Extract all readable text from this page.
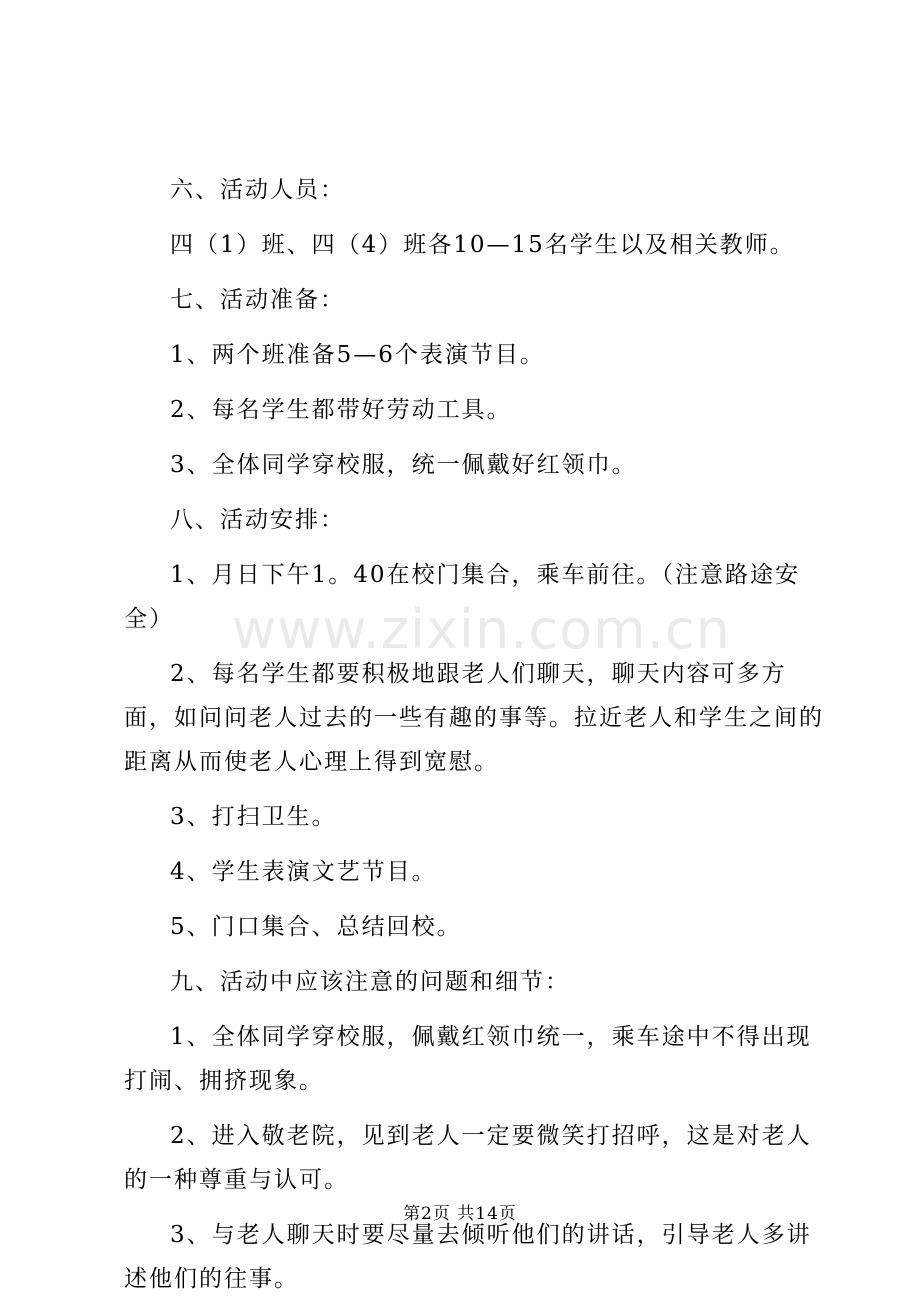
www.zixin.com.cn

六、活动人员：

四（1）班、四（4）班各10—15名学生以及相关教师。

七、活动准备：

1、两个班准备5—6个表演节目。

2、每名学生都带好劳动工具。

3、全体同学穿校服，统一佩戴好红领巾。

八、活动安排：

1、月日下午1。40在校门集合，乘车前往。（注意路途安全）

2、每名学生都要积极地跟老人们聊天，聊天内容可多方面，如问问老人过去的一些有趣的事等。拉近老人和学生之间的距离从而使老人心理上得到宽慰。

3、打扫卫生。

4、学生表演文艺节目。

5、门口集合、总结回校。

九、活动中应该注意的问题和细节：

1、全体同学穿校服，佩戴红领巾统一，乘车途中不得出现打闹、拥挤现象。

2、进入敬老院，见到老人一定要微笑打招呼，这是对老人的一种尊重与认可。

3、与老人聊天时要尽量去倾听他们的讲话，引导老人多讲述他们的往事。

第2页 共14页
